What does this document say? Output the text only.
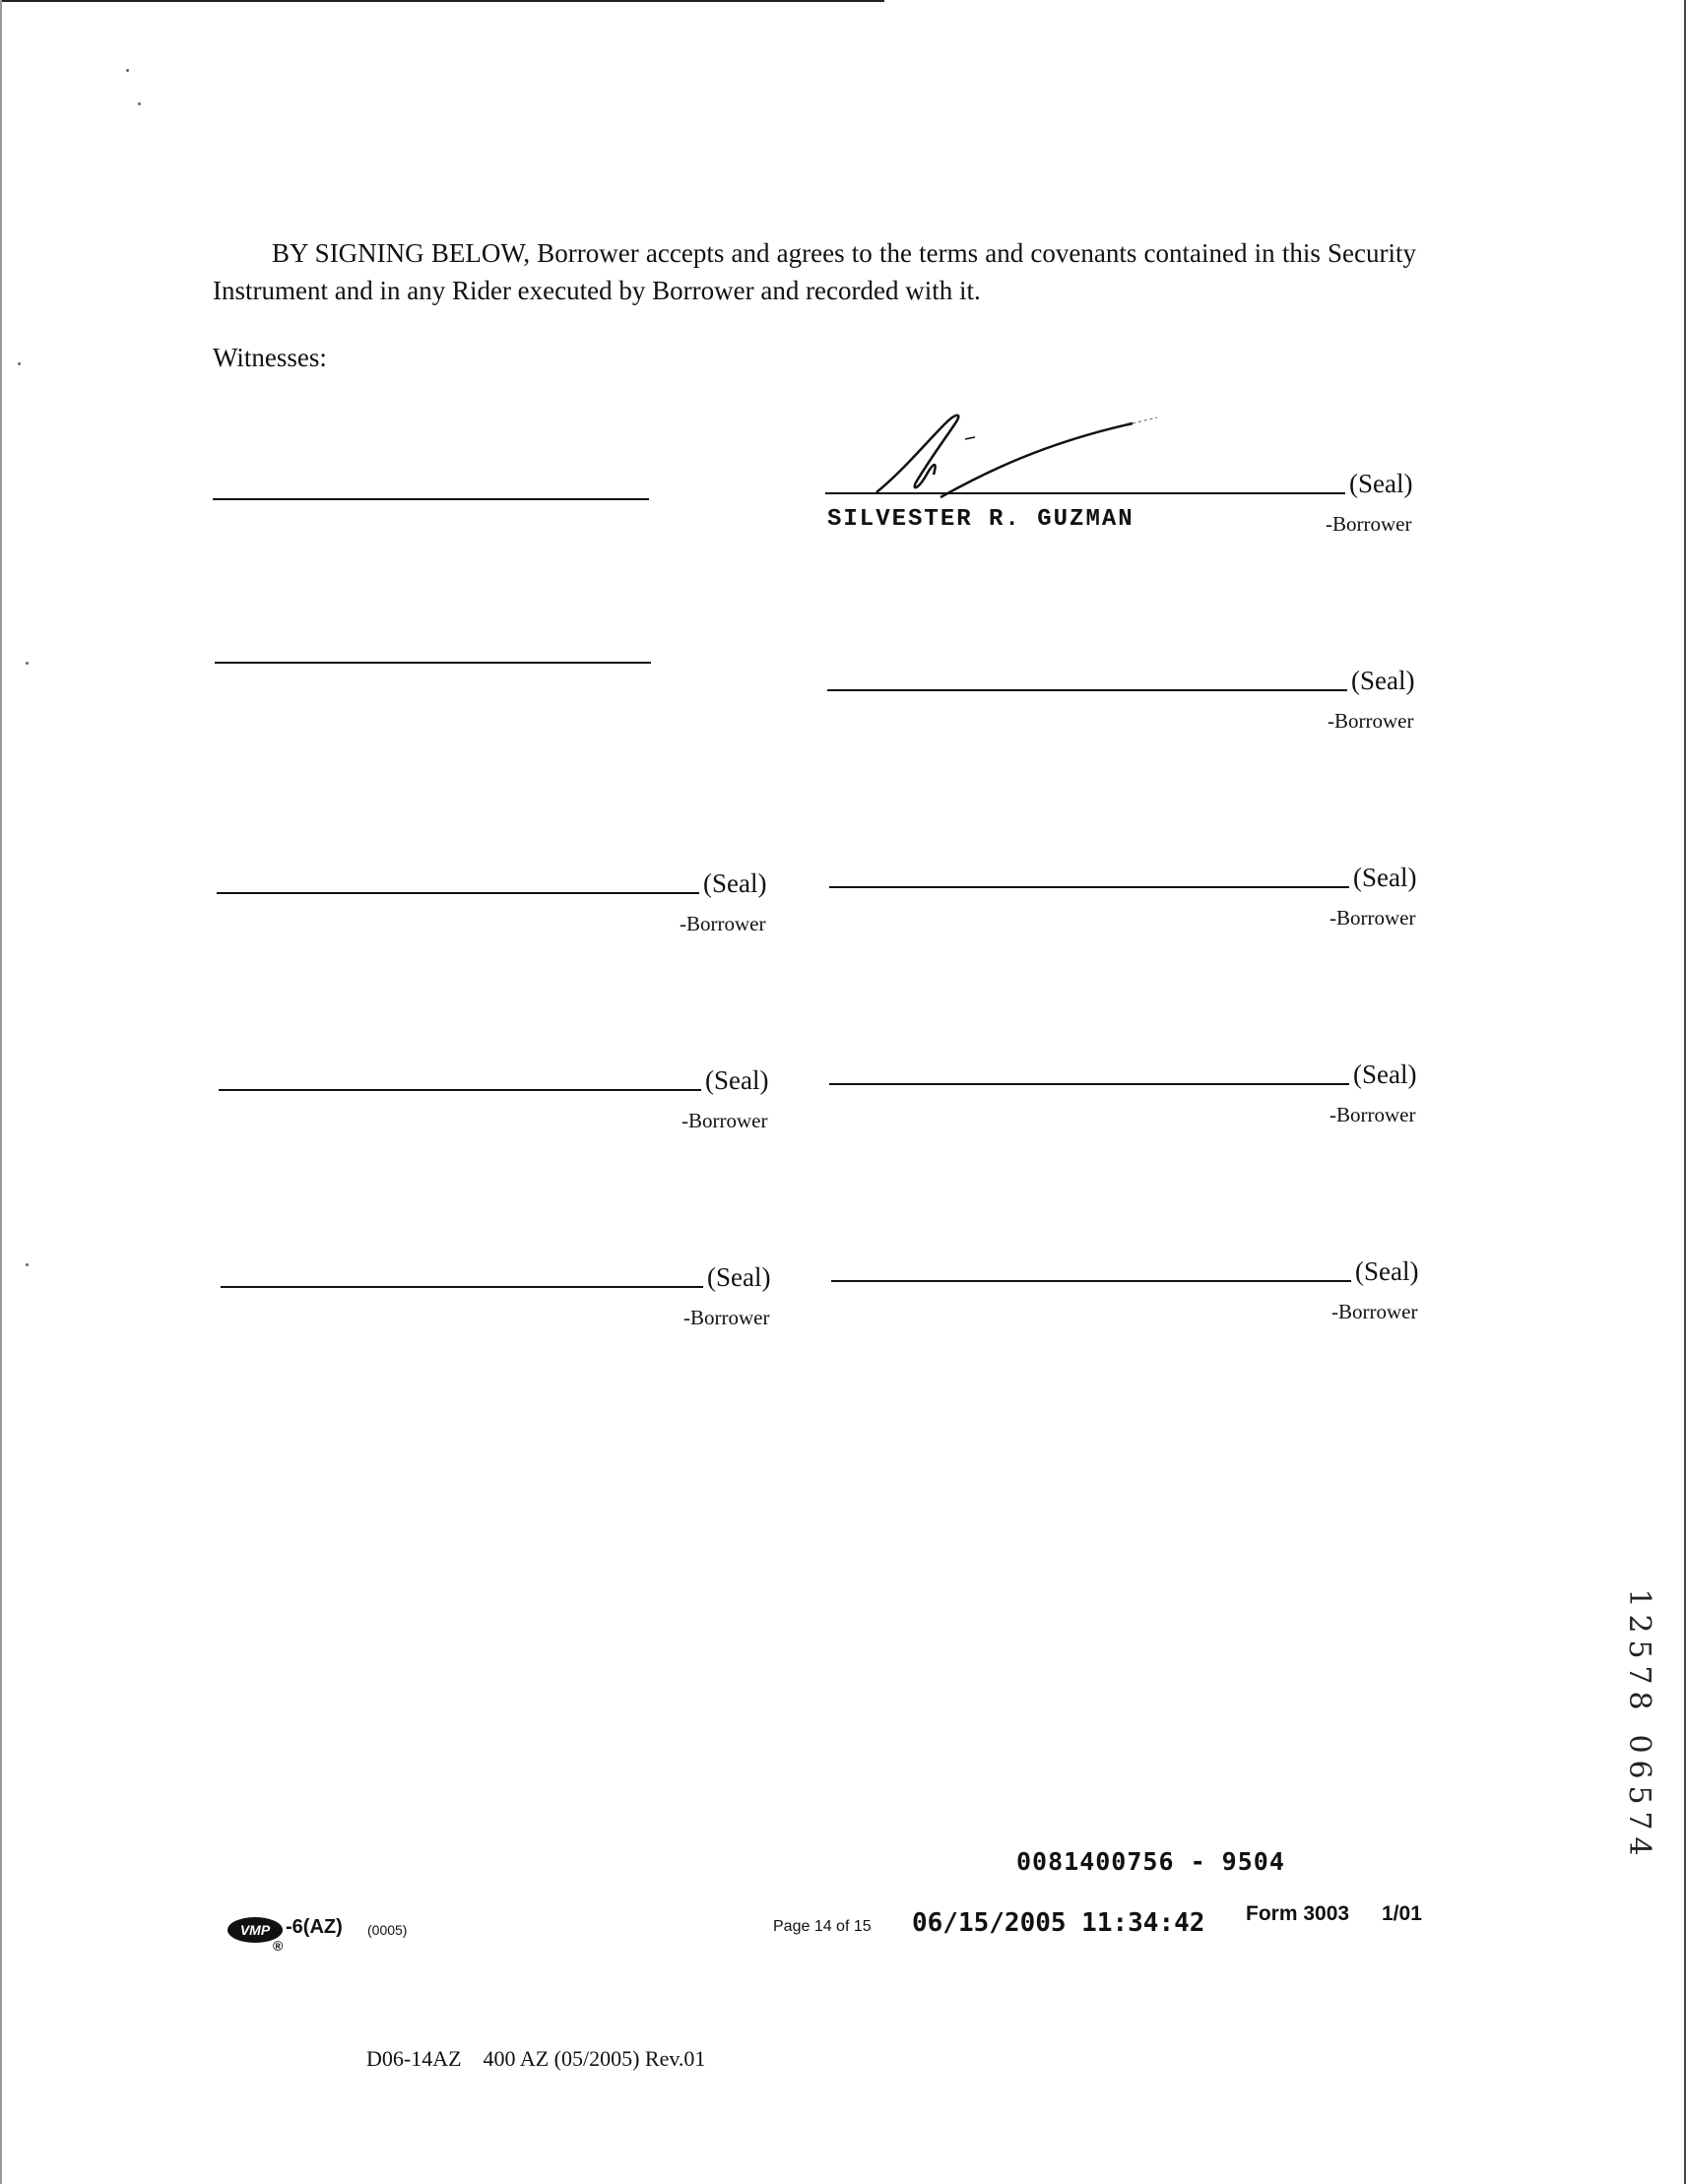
BY SIGNING BELOW, Borrower accepts and agrees to the terms and covenants contained in this Security Instrument and in any Rider executed by Borrower and recorded with it.

Witnesses:
(Seal)
-Borrower
SILVESTER R. GUZMAN
(Seal)
-Borrower
(Seal)
-Borrower
(Seal)
-Borrower
(Seal)
-Borrower
(Seal)
-Borrower
(Seal)
-Borrower
(Seal)
-Borrower
0081400756 - 9504
VMP
®
-6(AZ) (0005)	Page 14 of 15 06/15/2005 11:34:42 Form 3003 1/01
D06-14AZ    400 AZ (05/2005) Rev.01
1
2
5
7
8

0
6
5
7
4
